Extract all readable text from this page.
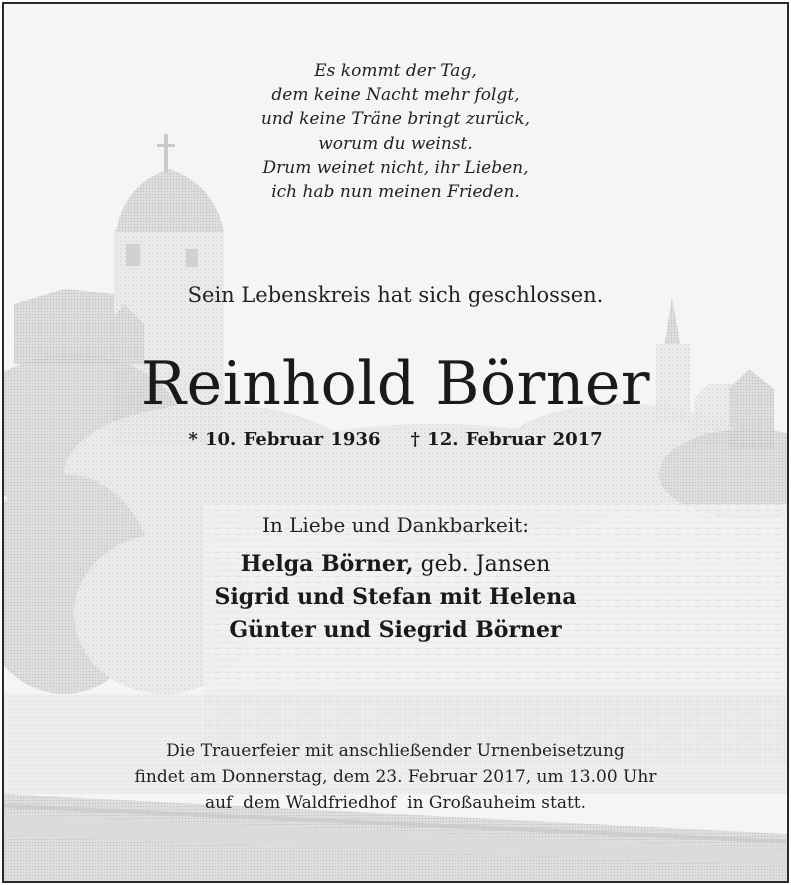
Es kommt der Tag,
dem keine Nacht mehr folgt,
und keine Träne bringt zurück,
worum du weinst.
Drum weinet nicht, ihr Lieben,
ich hab nun meinen Frieden.
Sein Lebenskreis hat sich geschlossen.
Reinhold Börner
* 10. Februar 1936 † 12. Februar 2017
In Liebe und Dankbarkeit:
Helga Börner, geb. Jansen
Sigrid und Stefan mit Helena
Günter und Siegrid Börner
Die Trauerfeier mit anschließender Urnenbeisetzung
findet am Donnerstag, dem 23. Februar 2017, um 13.00 Uhr
auf  dem Waldfriedhof  in Großauheim statt.
